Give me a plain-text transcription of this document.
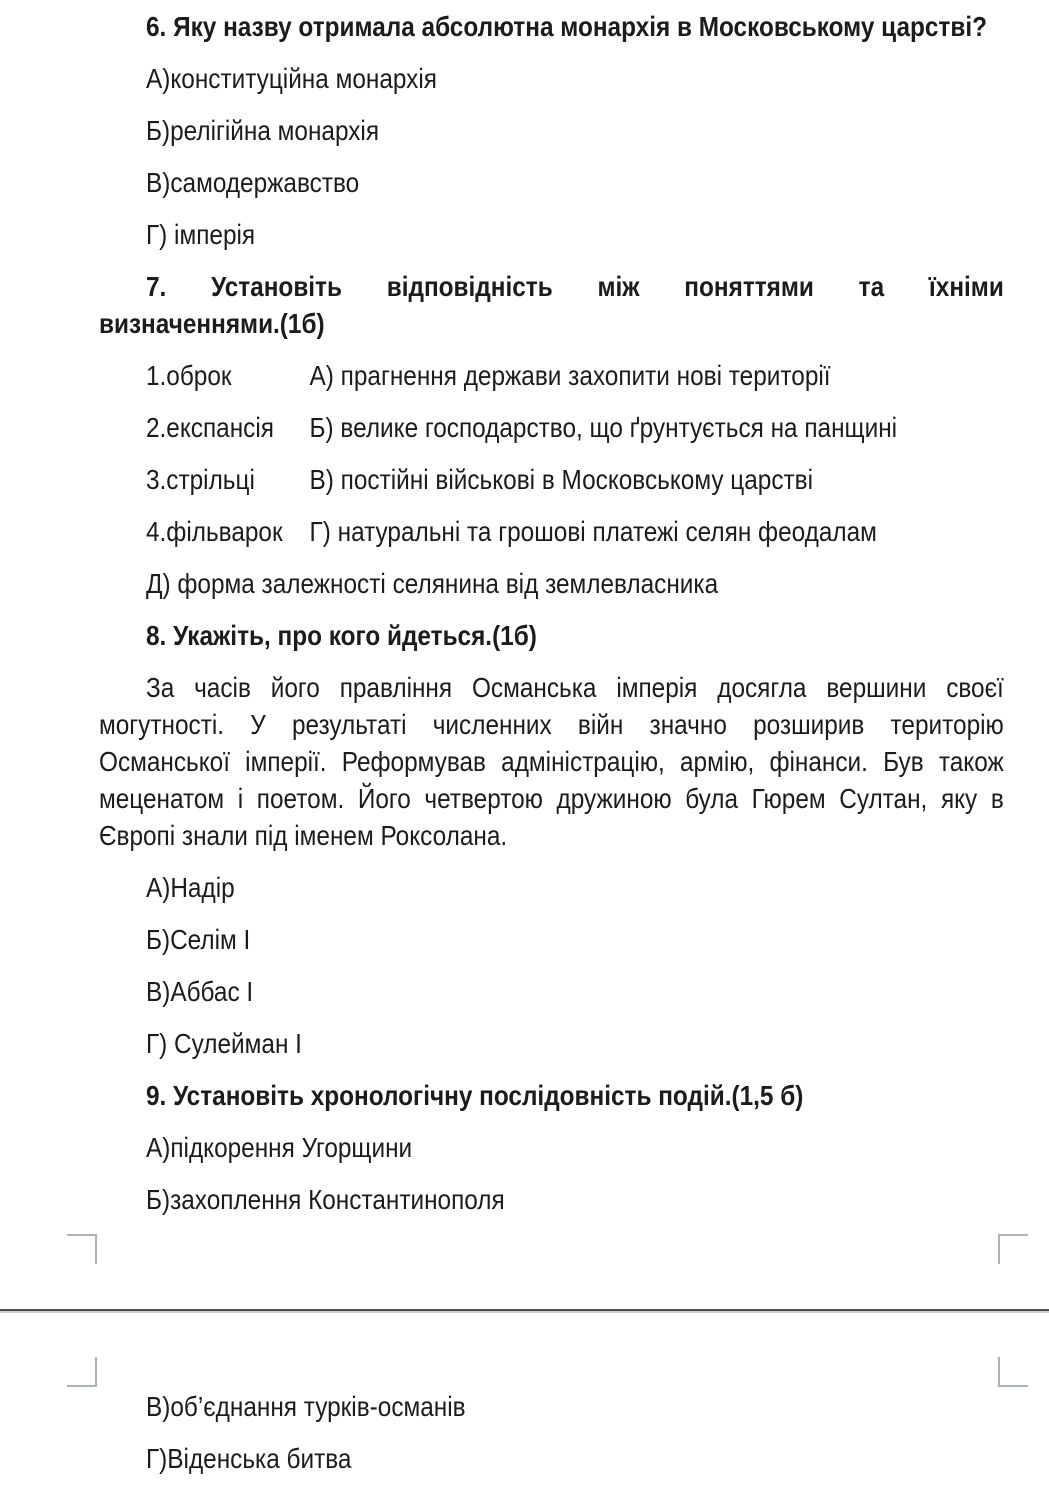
6. Яку назву отримала абсолютна монархія в Московському царстві?
А)конституційна монархія
Б)релігійна монархія
В)самодержавство
Г) імперія
7. Установіть відповідність між поняттями та їхніми
визначеннями.(1б)
1.оброк	А) прагнення держави захопити нові території
2.експансія Б) велике господарство, що ґрунтується на панщині
3.стрільці В) постійні військові в Московському царстві
4.фільварок Г) натуральні та грошові платежі селян феодалам
Д) форма залежності селянина від землевласника
8. Укажіть, про кого йдеться.(1б)
За часів його правління Османська імперія досягла вершини своєї могутності. У результаті численних війн значно розширив територію Османської імперії. Реформував адміністрацію, армію, фінанси. Був також меценатом і поетом. Його четвертою дружиною була Гюрем Султан, яку в Європі знали під іменем Роксолана.
А)Надір
Б)Селім I
В)Аббас I
Г) Сулейман I
9. Установіть хронологічну послідовність подій.(1,5 б)
А)підкорення Угорщини
Б)захоплення Константинополя
В)об’єднання турків-османів
Г)Віденська битва
